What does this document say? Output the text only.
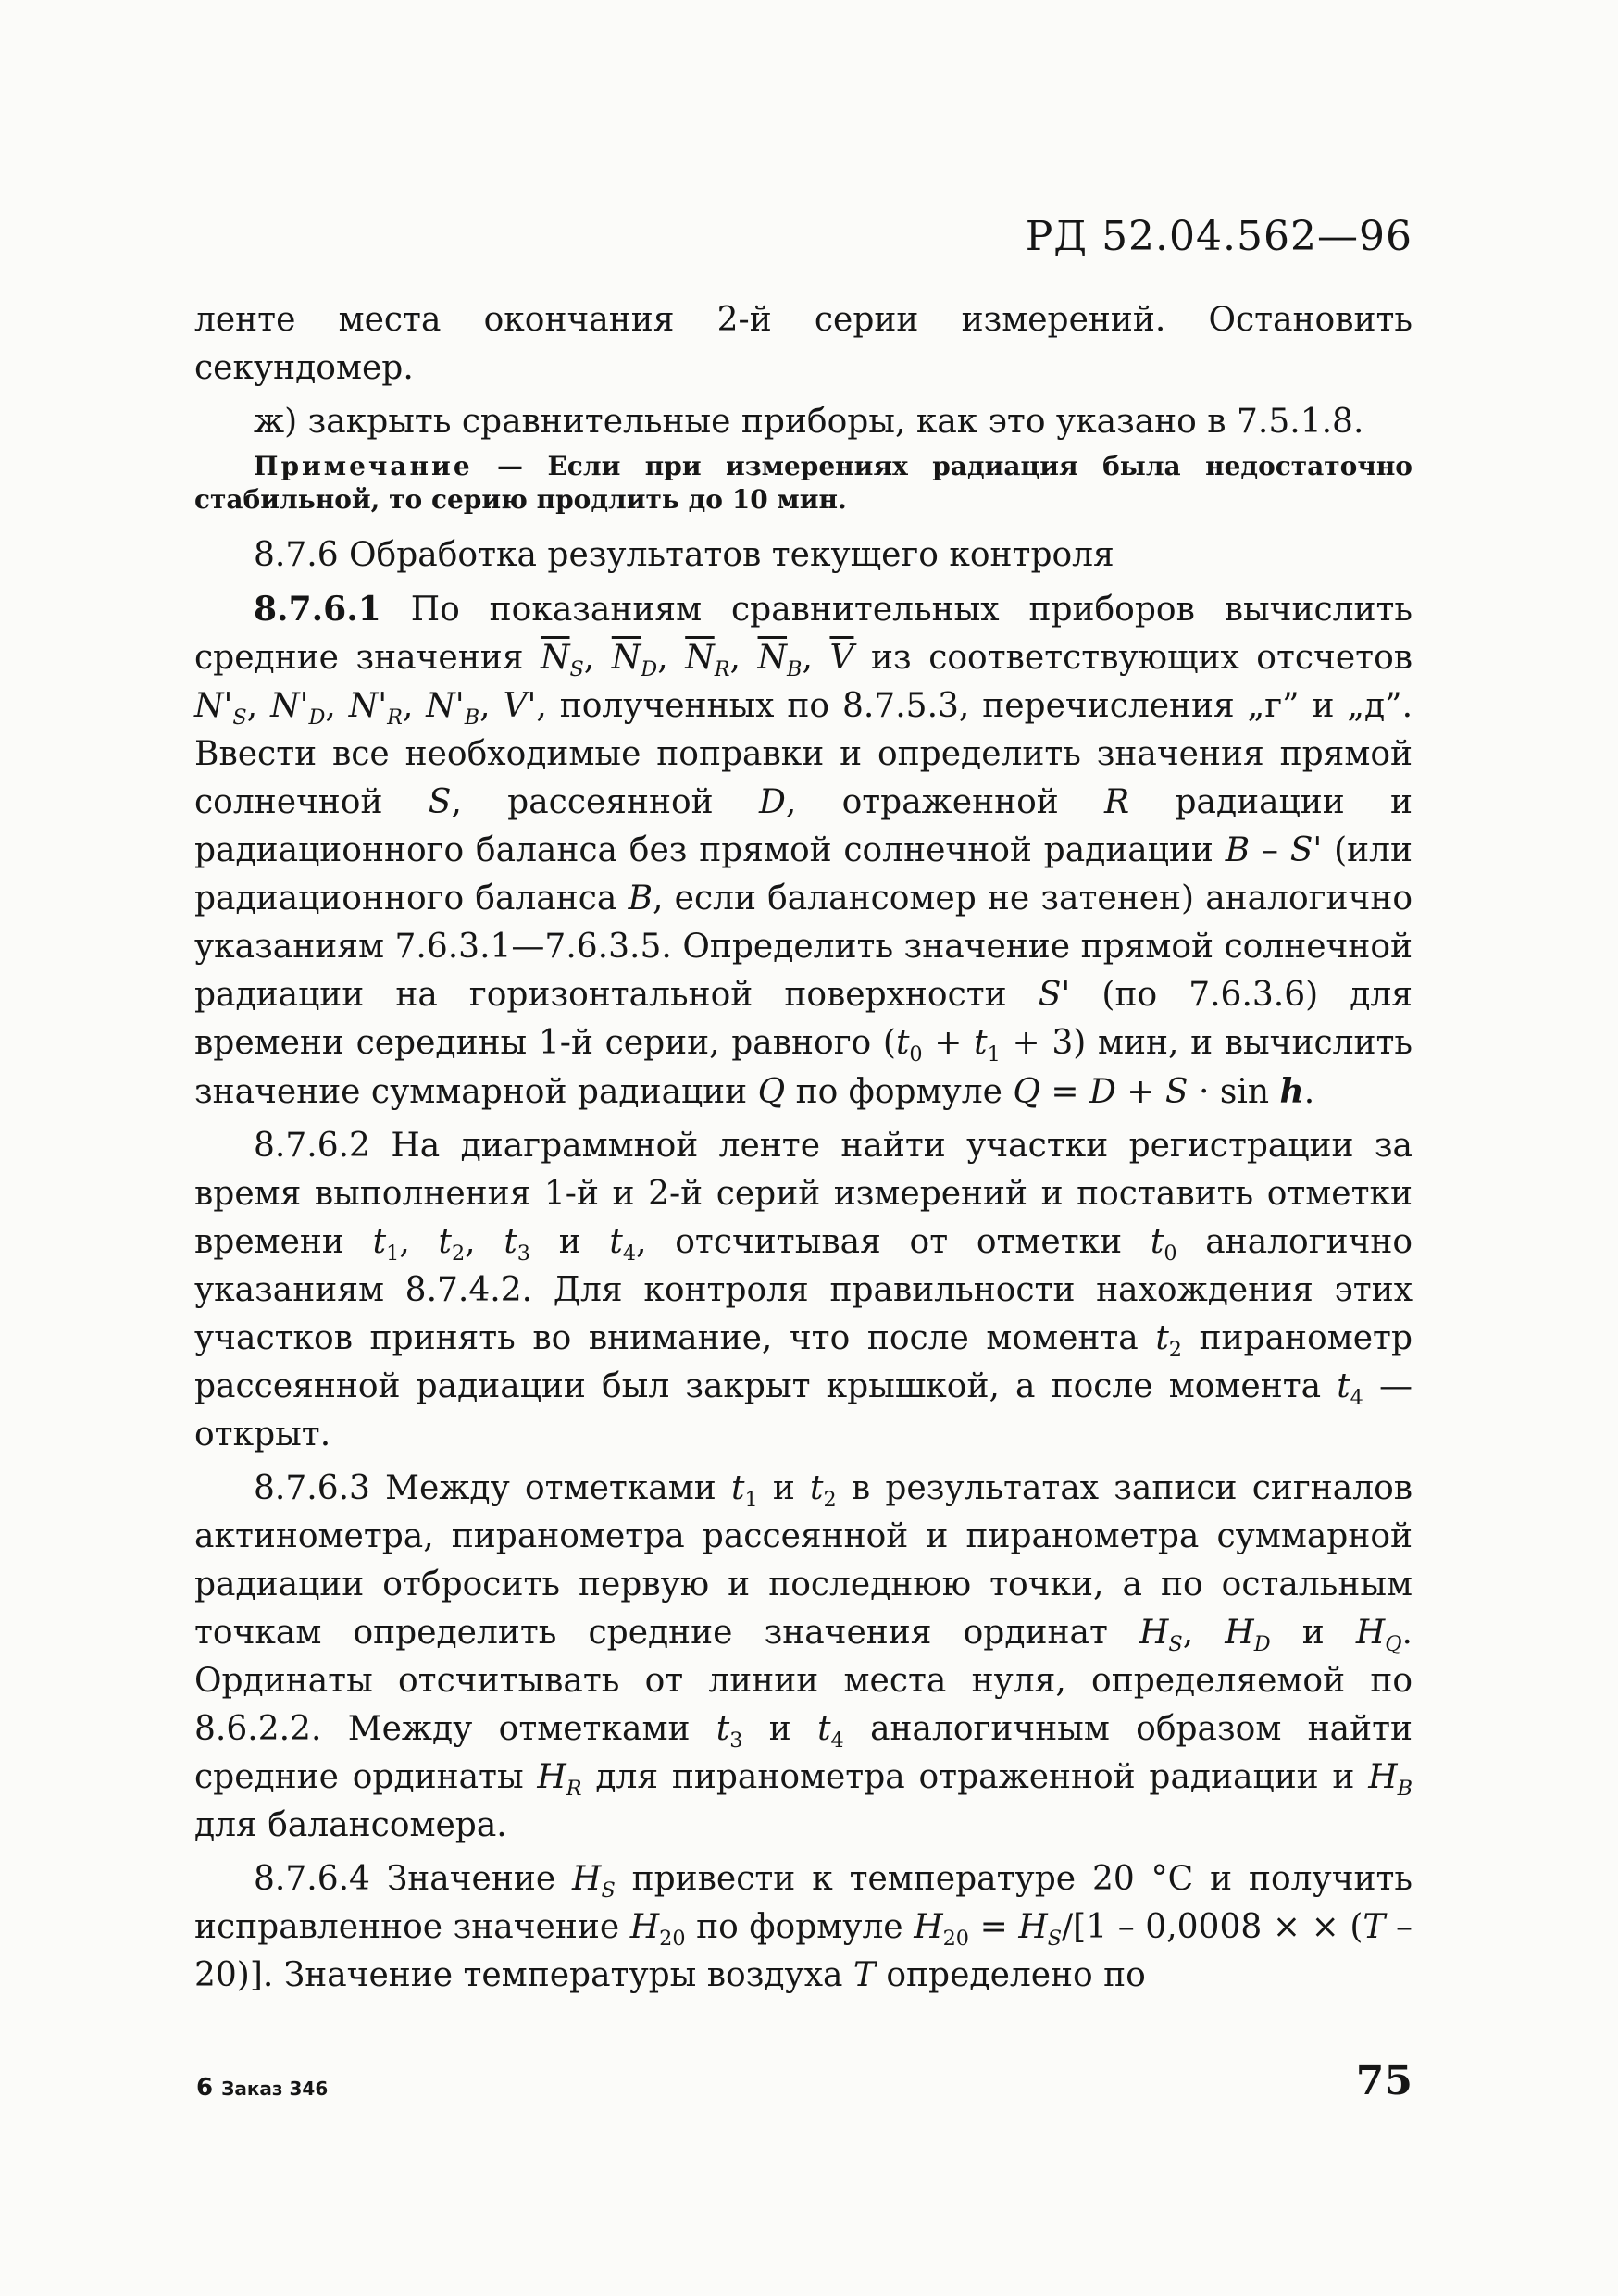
РД 52.04.562—96

ленте места окончания 2-й серии измерений. Остановить секундомер.

ж) закрыть сравнительные приборы, как это указано в 7.5.1.8.

Примечание — Если при измерениях радиация была недостаточно стабильной, то серию продлить до 10 мин.

8.7.6 Обработка результатов текущего контроля

8.7.6.1 По показаниям сравнительных приборов вычислить средние значения $\overline{N}_S$, $\overline{N}_D$, $\overline{N}_R$, $\overline{N}_B$, $\overline{V}$ из соответствующих отсчетов $N'_S$, $N'_D$, $N'_R$, $N'_B$, V', полученных по 8.7.5.3, перечисления „г” и „д”. Ввести все необходимые поправки и определить значения прямой солнечной S, рассеянной D, отраженной R радиации и радиационного баланса без прямой солнечной радиации B – S' (или радиационного баланса B, если балансомер не затенен) аналогично указаниям 7.6.3.1—7.6.3.5. Определить значение прямой солнечной радиации на горизонтальной поверхности S' (по 7.6.3.6) для времени середины 1-й серии, равного $(t_0 + t_1 + 3)$ мин, и вычислить значение суммарной радиации Q по формуле Q = D + S · sin h.

8.7.6.2 На диаграммной ленте найти участки регистрации за время выполнения 1-й и 2-й серий измерений и поставить отметки времени $t_1$, $t_2$, $t_3$ и $t_4$, отсчитывая от отметки $t_0$ аналогично указаниям 8.7.4.2. Для контроля правильности нахождения этих участков принять во внимание, что после момента $t_2$ пиранометр рассеянной радиации был закрыт крышкой, а после момента $t_4$ — открыт.

8.7.6.3 Между отметками $t_1$ и $t_2$ в результатах записи сигналов актинометра, пиранометра рассеянной и пиранометра суммарной радиации отбросить первую и последнюю точки, а по остальным точкам определить средние значения ординат $H_S$, $H_D$ и $H_Q$. Ординаты отсчитывать от линии места нуля, определяемой по 8.6.2.2. Между отметками $t_3$ и $t_4$ аналогичным образом найти средние ординаты $H_R$ для пиранометра отраженной радиации и $H_B$ для балансомера.

8.7.6.4 Значение $H_S$ привести к температуре 20 °С и получить исправленное значение $H_{20}$ по формуле $H_{20} = H_S/[1 - 0,0008$ × × (T – 20)]. Значение температуры воздуха T определено по

6 Заказ 346	75
